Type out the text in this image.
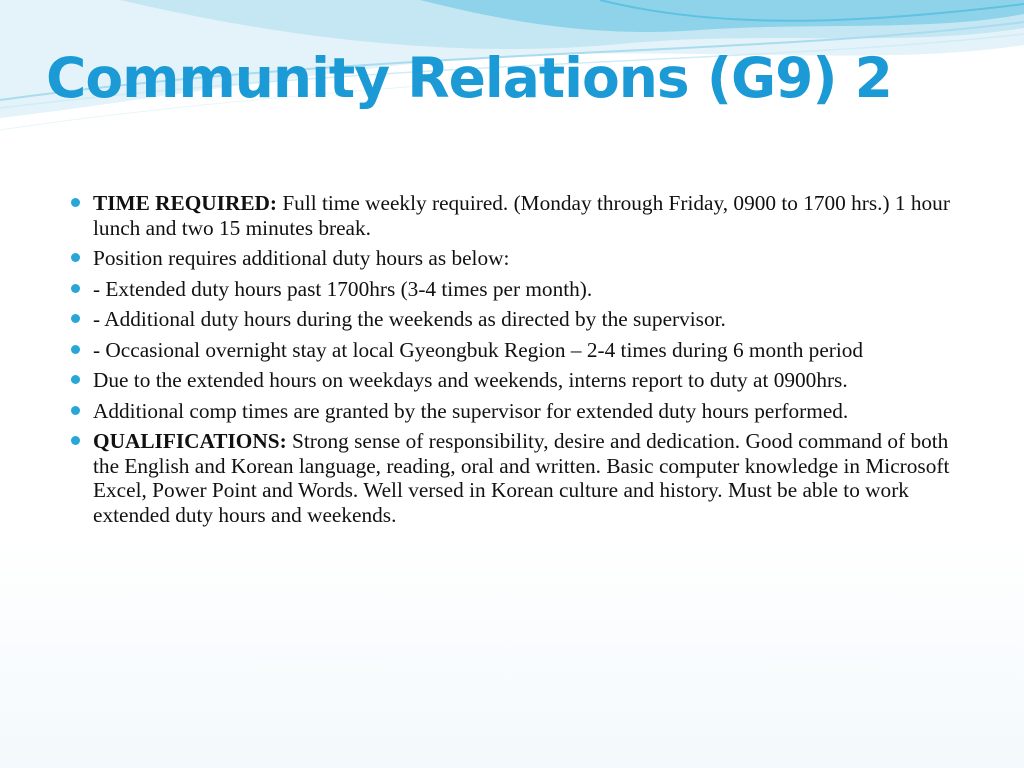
Community Relations (G9) 2
TIME REQUIRED: Full time weekly required. (Monday through Friday, 0900 to 1700 hrs.) 1 hour lunch and two 15 minutes break.
Position requires additional duty hours as below:
- Extended duty hours past 1700hrs (3-4 times per month).
- Additional duty hours during the weekends as directed by the supervisor.
- Occasional overnight stay at local Gyeongbuk Region – 2-4 times during 6 month period
Due to the extended hours on weekdays and weekends, interns report to duty at 0900hrs.
Additional comp times are granted by the supervisor for extended duty hours performed.
QUALIFICATIONS: Strong sense of responsibility, desire and dedication. Good command of both the English and Korean language, reading, oral and written. Basic computer knowledge in Microsoft Excel, Power Point and Words. Well versed in Korean culture and history. Must be able to work extended duty hours and weekends.
